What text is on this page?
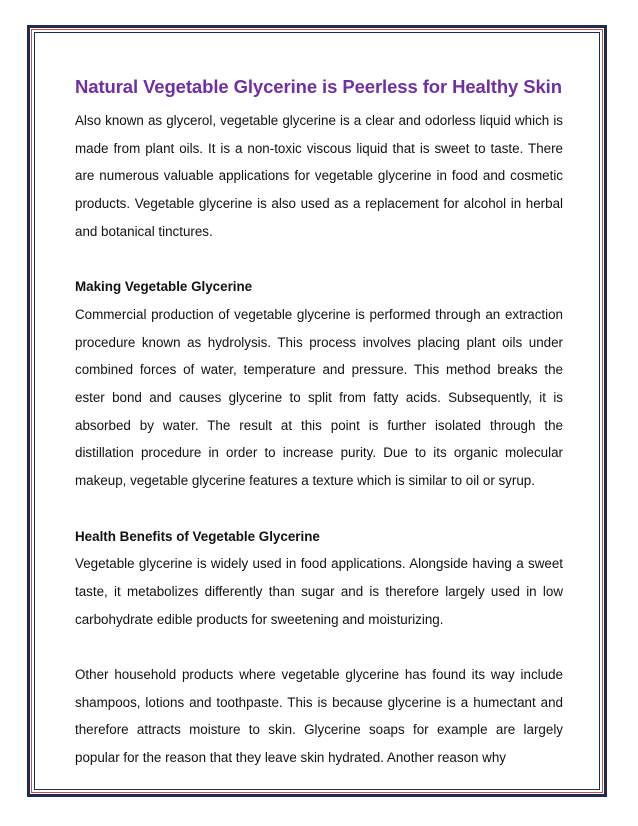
Natural Vegetable Glycerine is Peerless for Healthy Skin

Also known as glycerol, vegetable glycerine is a clear and odorless liquid which is made from plant oils. It is a non-toxic viscous liquid that is sweet to taste. There are numerous valuable applications for vegetable glycerine in food and cosmetic products. Vegetable glycerine is also used as a replacement for alcohol in herbal and botanical tinctures.

Making Vegetable Glycerine

Commercial production of vegetable glycerine is performed through an extraction procedure known as hydrolysis. This process involves placing plant oils under combined forces of water, temperature and pressure. This method breaks the ester bond and causes glycerine to split from fatty acids. Subsequently, it is absorbed by water. The result at this point is further isolated through the distillation procedure in order to increase purity. Due to its organic molecular makeup, vegetable glycerine features a texture which is similar to oil or syrup.

Health Benefits of Vegetable Glycerine

Vegetable glycerine is widely used in food applications. Alongside having a sweet taste, it metabolizes differently than sugar and is therefore largely used in low carbohydrate edible products for sweetening and moisturizing.

Other household products where vegetable glycerine has found its way include shampoos, lotions and toothpaste. This is because glycerine is a humectant and therefore attracts moisture to skin. Glycerine soaps for example are largely popular for the reason that they leave skin hydrated. Another reason why
